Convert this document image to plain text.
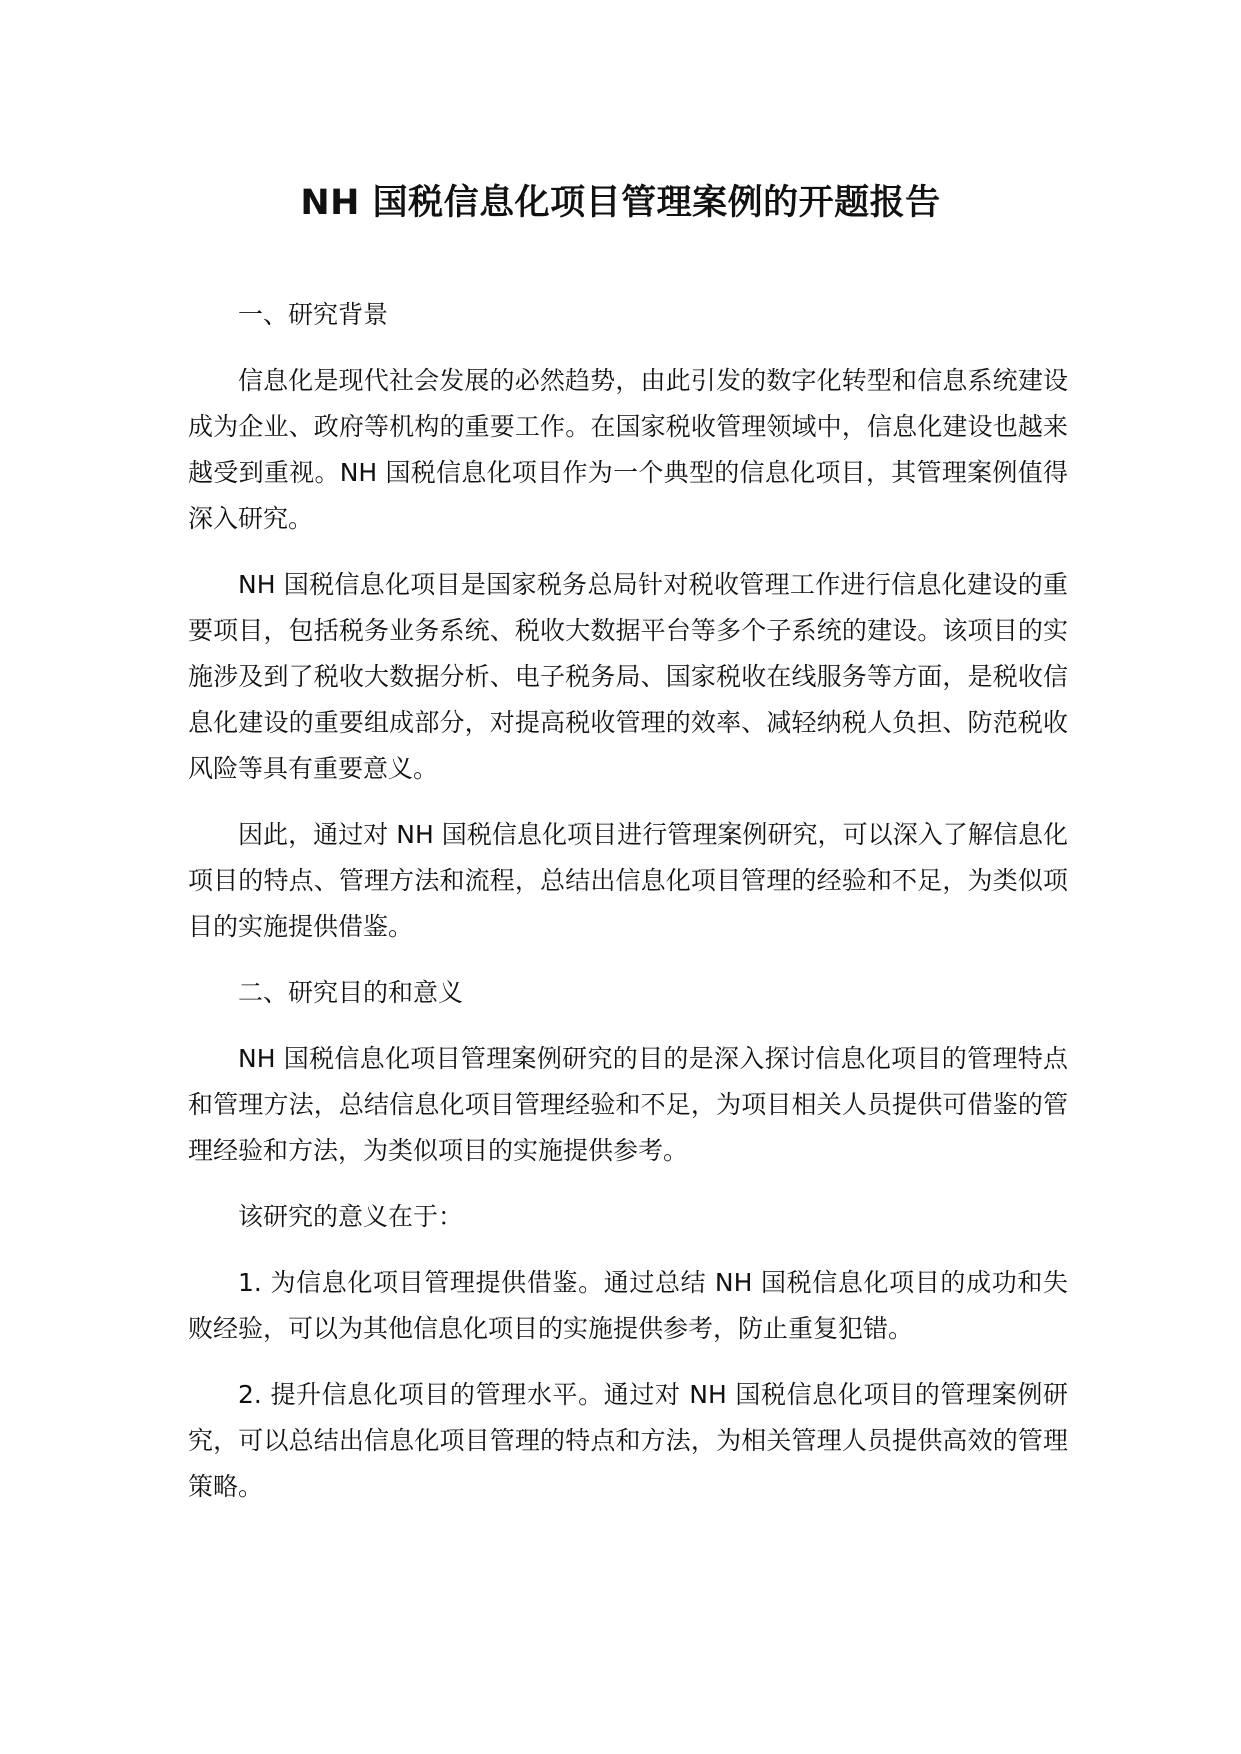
NH 国税信息化项目管理案例的开题报告

一、研究背景

信息化是现代社会发展的必然趋势，由此引发的数字化转型和信息系统建设成为企业、政府等机构的重要工作。在国家税收管理领域中，信息化建设也越来越受到重视。NH 国税信息化项目作为一个典型的信息化项目，其管理案例值得深入研究。

NH 国税信息化项目是国家税务总局针对税收管理工作进行信息化建设的重要项目，包括税务业务系统、税收大数据平台等多个子系统的建设。该项目的实施涉及到了税收大数据分析、电子税务局、国家税收在线服务等方面，是税收信息化建设的重要组成部分，对提高税收管理的效率、减轻纳税人负担、防范税收风险等具有重要意义。

因此，通过对 NH 国税信息化项目进行管理案例研究，可以深入了解信息化项目的特点、管理方法和流程，总结出信息化项目管理的经验和不足，为类似项目的实施提供借鉴。

二、研究目的和意义

NH 国税信息化项目管理案例研究的目的是深入探讨信息化项目的管理特点和管理方法，总结信息化项目管理经验和不足，为项目相关人员提供可借鉴的管理经验和方法，为类似项目的实施提供参考。

该研究的意义在于：

1. 为信息化项目管理提供借鉴。通过总结 NH 国税信息化项目的成功和失败经验，可以为其他信息化项目的实施提供参考，防止重复犯错。

2. 提升信息化项目的管理水平。通过对 NH 国税信息化项目的管理案例研究，可以总结出信息化项目管理的特点和方法，为相关管理人员提供高效的管理策略。
